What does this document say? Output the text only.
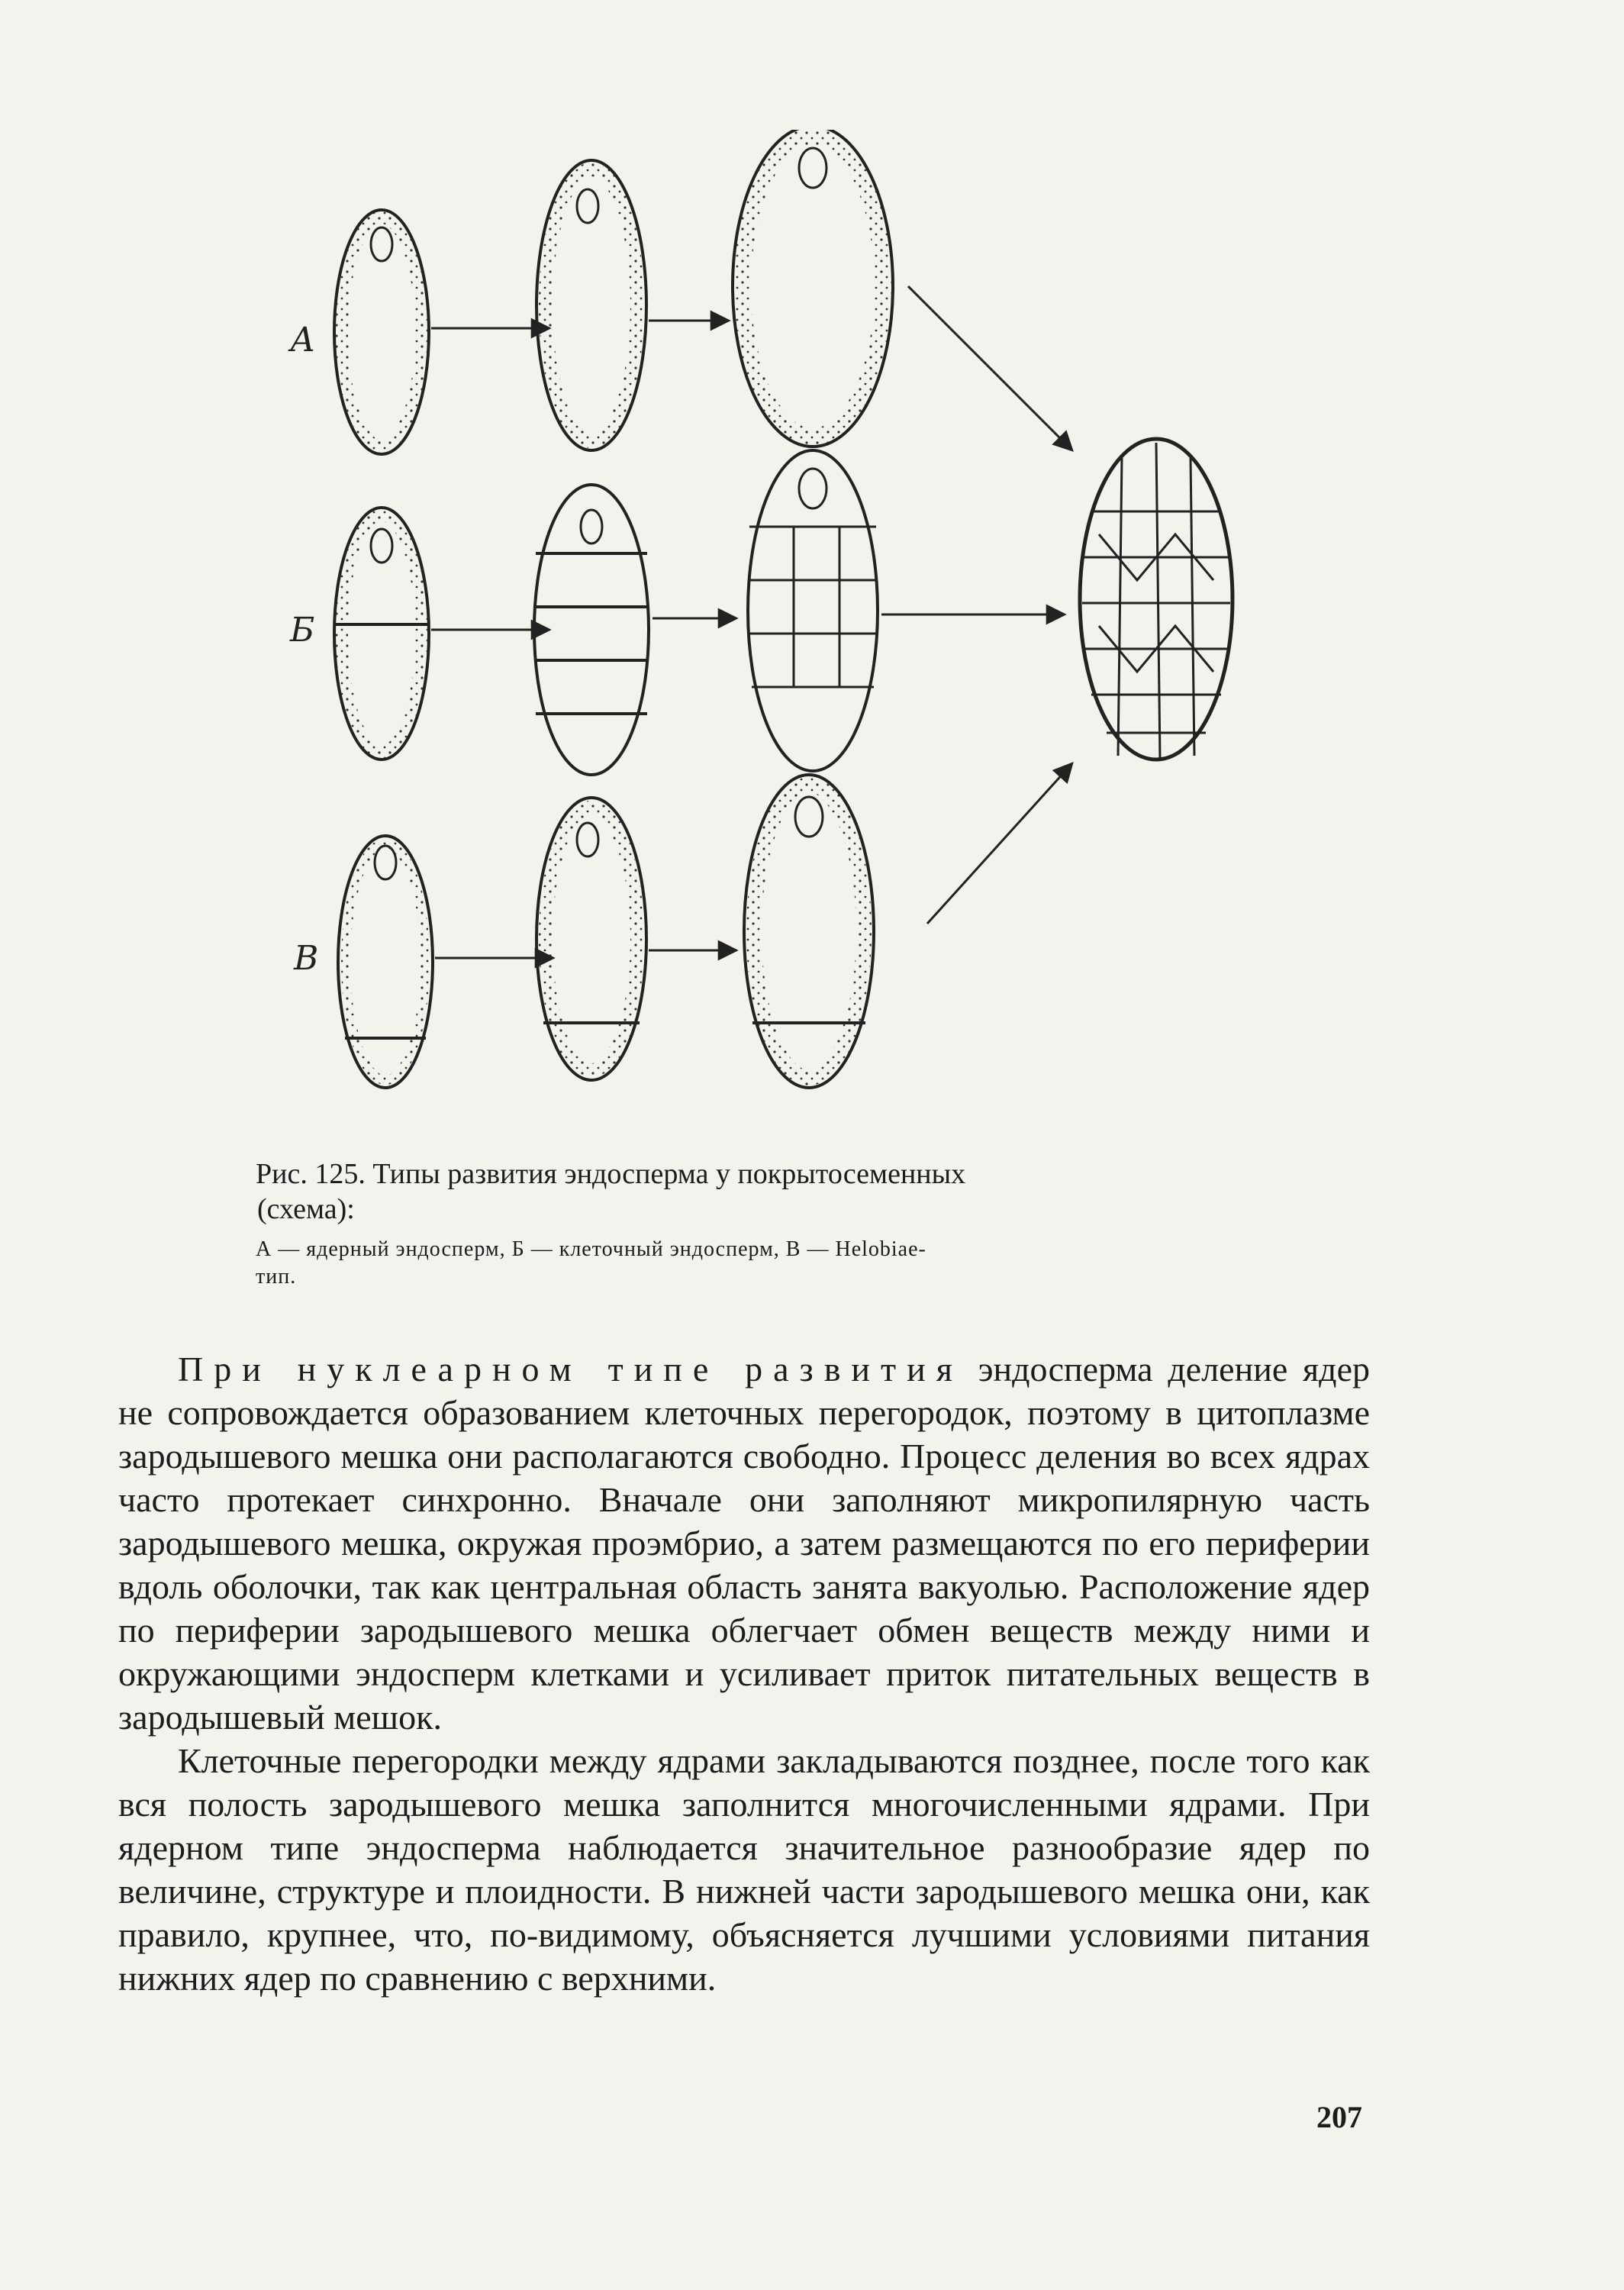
А
Б
В

Рис. 125. Типы развития эндосперма у покрытосеменных
(схема):

А — ядерный эндосперм, Б — клеточный эндосперм, В — Helobiae-
тип.

При нуклеарном типе развития эндосперма деление ядер не сопровождается образованием клеточных перегородок, поэтому в цитоплазме зародышевого мешка они располагаются свободно. Процесс деления во всех ядрах часто протекает синхронно. Вначале они заполняют микропилярную часть зародышевого мешка, окружая проэмбрио, а затем размещаются по его периферии вдоль оболочки, так как центральная область занята вакуолью. Расположение ядер по периферии зародышевого мешка облегчает обмен веществ между ними и окружающими эндосперм клетками и усиливает приток питательных веществ в зародышевый мешок.

Клеточные перегородки между ядрами закладываются позднее, после того как вся полость зародышевого мешка заполнится многочисленными ядрами. При ядерном типе эндосперма наблюдается значительное разнообразие ядер по величине, структуре и плоидности. В нижней части зародышевого мешка они, как правило, крупнее, что, по-видимому, объясняется лучшими условиями питания нижних ядер по сравнению с верхними.

207
